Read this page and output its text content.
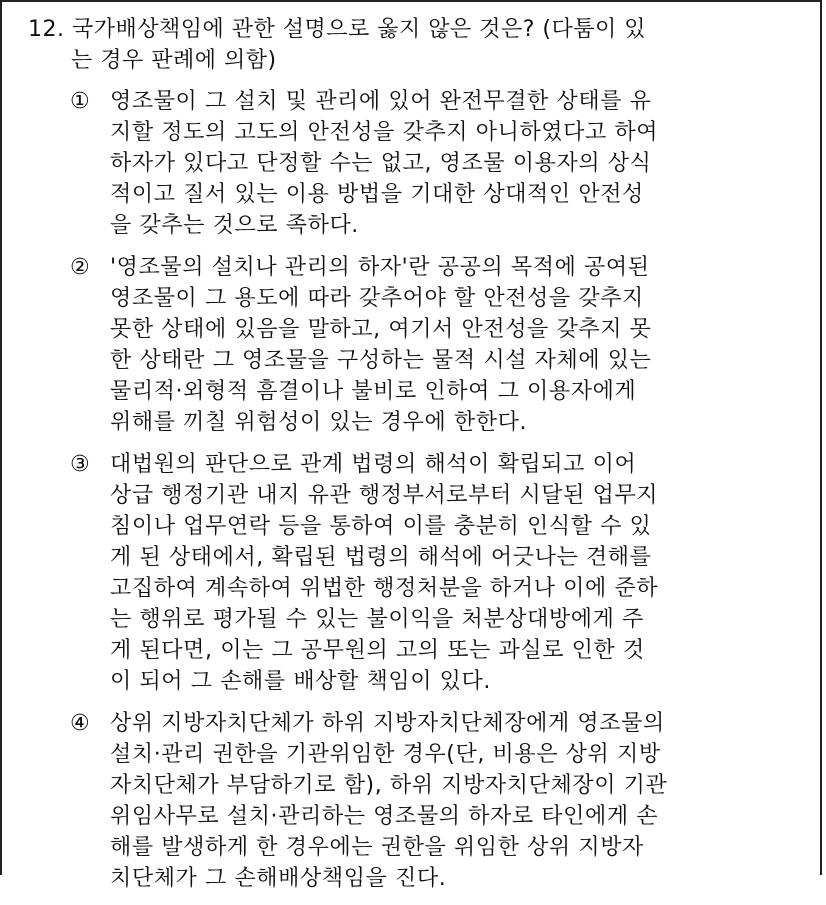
12. 국가배상책임에 관한 설명으로 옳지 않은 것은? (다툼이 있
는 경우 판례에 의함)
① 영조물이 그 설치 및 관리에 있어 완전무결한 상태를 유
지할 정도의 고도의 안전성을 갖추지 아니하였다고 하여
하자가 있다고 단정할 수는 없고, 영조물 이용자의 상식
적이고 질서 있는 이용 방법을 기대한 상대적인 안전성
을 갖추는 것으로 족하다.
② '영조물의 설치나 관리의 하자'란 공공의 목적에 공여된
영조물이 그 용도에 따라 갖추어야 할 안전성을 갖추지
못한 상태에 있음을 말하고, 여기서 안전성을 갖추지 못
한 상태란 그 영조물을 구성하는 물적 시설 자체에 있는
물리적·외형적 흠결이나 불비로 인하여 그 이용자에게
위해를 끼칠 위험성이 있는 경우에 한한다.
③ 대법원의 판단으로 관계 법령의 해석이 확립되고 이어
상급 행정기관 내지 유관 행정부서로부터 시달된 업무지
침이나 업무연락 등을 통하여 이를 충분히 인식할 수 있
게 된 상태에서, 확립된 법령의 해석에 어긋나는 견해를
고집하여 계속하여 위법한 행정처분을 하거나 이에 준하
는 행위로 평가될 수 있는 불이익을 처분상대방에게 주
게 된다면, 이는 그 공무원의 고의 또는 과실로 인한 것
이 되어 그 손해를 배상할 책임이 있다.
④ 상위 지방자치단체가 하위 지방자치단체장에게 영조물의
설치·관리 권한을 기관위임한 경우(단, 비용은 상위 지방
자치단체가 부담하기로 함), 하위 지방자치단체장이 기관
위임사무로 설치·관리하는 영조물의 하자로 타인에게 손
해를 발생하게 한 경우에는 권한을 위임한 상위 지방자
치단체가 그 손해배상책임을 진다.
